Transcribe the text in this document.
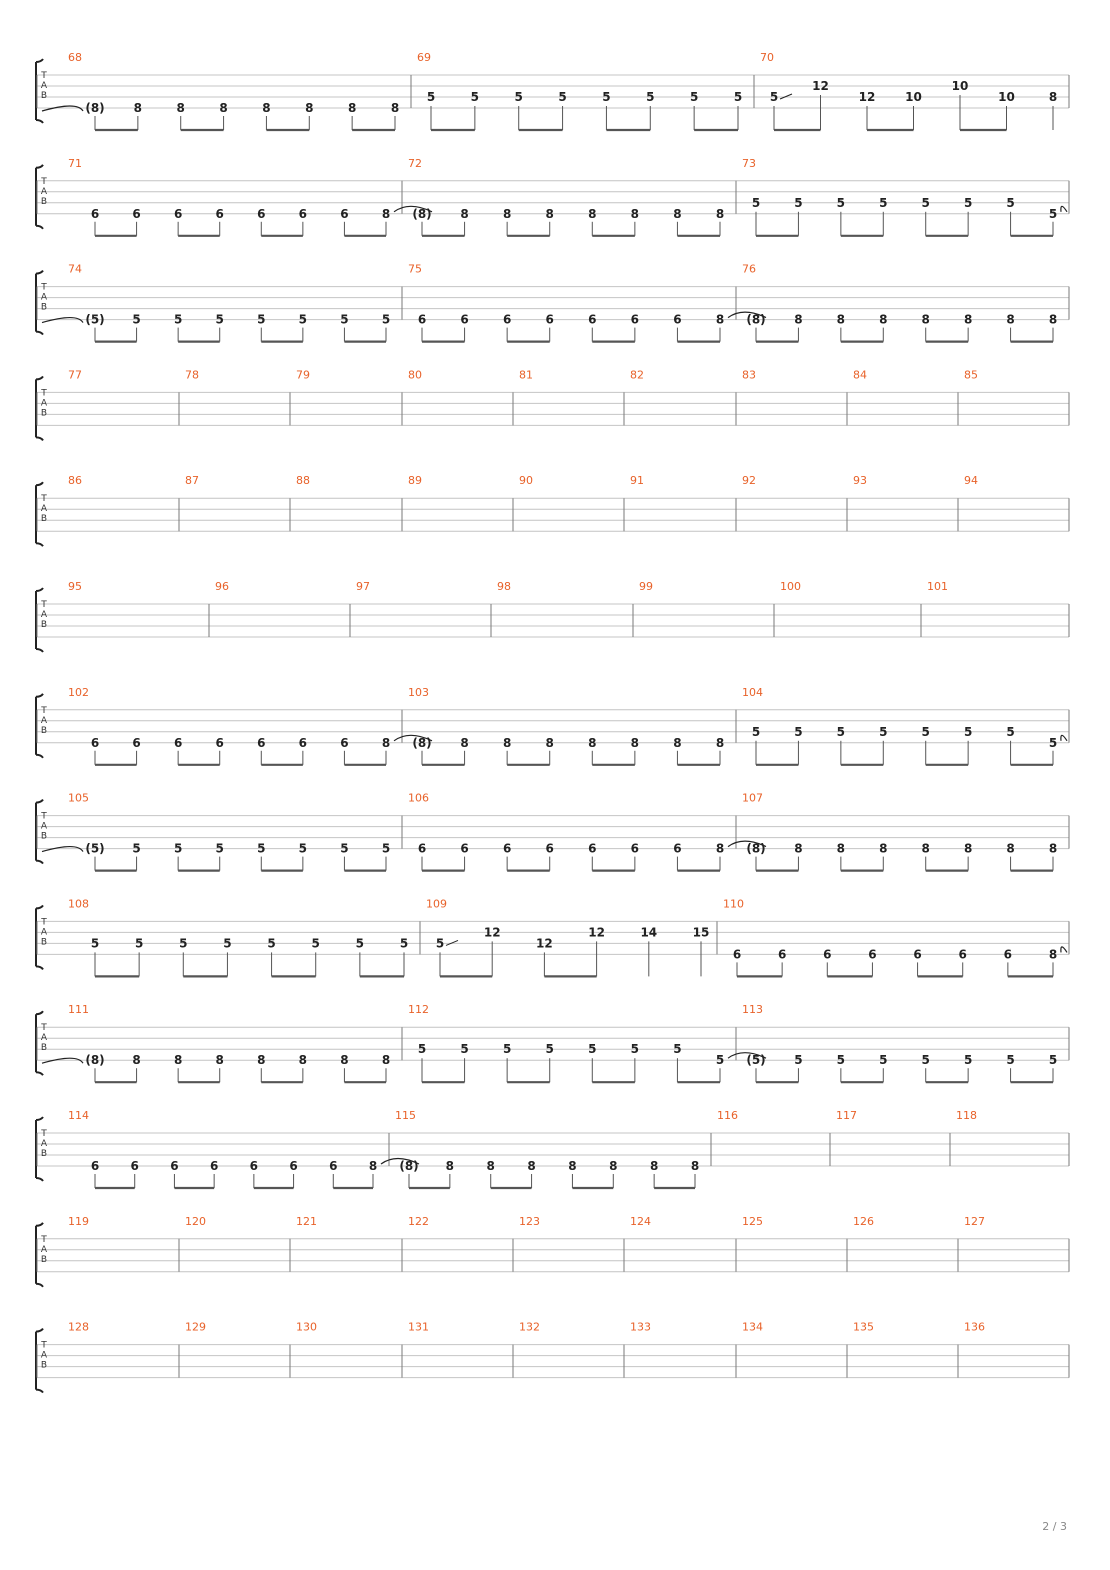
T
A
B
68
(8) 8	8	8	8	8	8	8
69
5	5	5	5	5	5	5	5
70
5
12
12 10
10
10	8
T
A
B
71
6	6	6	6	6	6	6	8
72
(8) 8	8	8	8	8	8	8
73
5	5	5	5	5	5	5
5
T
A
B
74
(5) 5	5	5	5	5	5	5
75
6	6	6	6	6	6	6	8
76
(8) 8	8	8	8	8	8	8
T
A
B
77	78	79	80	81	82	83	84	85
T
A
B
86	87	88	89	90	91	92	93	94
T
A
B
95	96	97	98	99	100	101
T
A
B
102
6	6	6	6	6	6	6	8
103
(8) 8	8	8	8	8	8	8
104
5	5	5	5	5	5	5
5
T
A
B
105
(5) 5	5	5	5	5	5	5
106
6	6	6	6	6	6	6	8
107
(8) 8	8	8	8	8	8	8
T
A
B
108
5	5	5	5	5	5	5	5
109
5
12
12
12	14	15
110
6	6	6	6	6	6	6	8
T
A
B
111
(8) 8	8	8	8	8	8	8
112
5	5	5	5	5	5	5
5
113
(5) 5	5	5	5	5	5	5
T
A
B
114
6	6	6	6	6	6	6	8
115
(8) 8	8	8	8	8	8	8
116	117	118
T
A
B
119	120	121	122	123	124	125	126	127
T
A
B
128	129	130	131	132	133	134	135	136
2 / 3
